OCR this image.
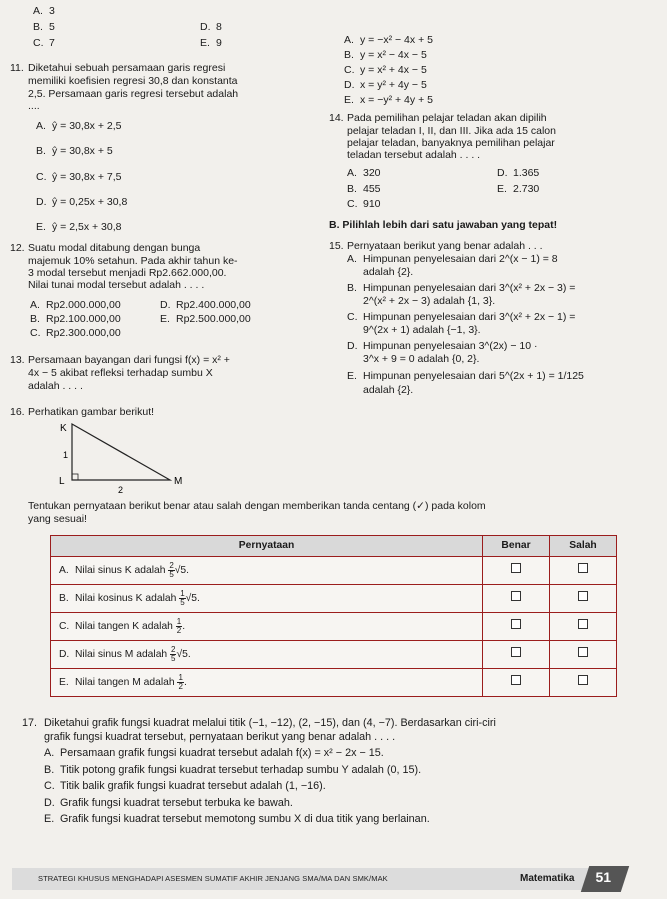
A. 3
B. 5
C. 7
D. 8
E. 9	A. y = −x² − 4x + 5
B. y = x² − 4x − 5
C. y = x² + 4x − 5
D. x = y² + 4y − 5
E. x = −y² + 4y + 5
11. Diketahui sebuah persamaan garis regresi
memiliki koefisien regresi 30,8 dan konstanta
2,5. Persamaan garis regresi tersebut adalah
....
A. ŷ = 30,8x + 2,5
B. ŷ = 30,8x + 5
C. ŷ = 30,8x + 7,5
D. ŷ = 0,25x + 30,8
E. ŷ = 2,5x + 30,8
12. Suatu modal ditabung dengan bunga
majemuk 10% setahun. Pada akhir tahun ke-
3 modal tersebut menjadi Rp2.662.000,00.
Nilai tunai modal tersebut adalah . . . .
A. Rp2.000.000,00
B. Rp2.100.000,00
C. Rp2.300.000,00
D. Rp2.400.000,00
E. Rp2.500.000,00
13. Persamaan bayangan dari fungsi f(x) = x² +
4x − 5 akibat refleksi terhadap sumbu X
adalah . . . .
14. Pada pemilihan pelajar teladan akan dipilih
pelajar teladan I, II, dan III. Jika ada 15 calon
pelajar teladan, banyaknya pemilihan pelajar
teladan tersebut adalah . . . .
A. 320
B. 455
C. 910
D. 1.365
E. 2.730
B. Pilihlah lebih dari satu jawaban yang tepat!
15. Pernyataan berikut yang benar adalah . . .
A. Himpunan penyelesaian dari 2^(x − 1) = 8
adalah {2}.
B. Himpunan penyelesaian dari 3^(x² + 2x − 3) =
2^(x² + 2x − 3) adalah {1, 3}.
C. Himpunan penyelesaian dari 3^(x² + 2x − 1) =
9^(2x + 1) adalah {−1, 3}.
D. Himpunan penyelesaian 3^(2x) − 10 ·
3^x + 9 = 0 adalah {0, 2}.
E. Himpunan penyelesaian dari 5^(2x + 1) = 1/125
adalah {2}.
16. Perhatikan gambar berikut!
K
L	M
1
2
Tentukan pernyataan berikut benar atau salah dengan memberikan tanda centang (✓) pada kolom
yang sesuai!
Pernyataan	Benar	Salah
A. Nilai sinus K adalah $\frac{2}{5} √5$.		
B. Nilai kosinus K adalah $\frac{1}{5} √5$.		
C. Nilai tangen K adalah $\frac{1}{2}$ .		
D. Nilai sinus M adalah $\frac{2}{5} √5$.		
E. Nilai tangen M adalah $\frac{1}{2}$ .		
17. Diketahui grafik fungsi kuadrat melalui titik (−1, −12), (2, −15), dan (4, −7). Berdasarkan ciri-ciri
grafik fungsi kuadrat tersebut, pernyataan berikut yang benar adalah . . . .
A. Persamaan grafik fungsi kuadrat tersebut adalah f(x) = x² − 2x − 15.
B. Titik potong grafik fungsi kuadrat tersebut terhadap sumbu Y adalah (0, 15).
C. Titik balik grafik fungsi kuadrat tersebut adalah (1, −16).
D. Grafik fungsi kuadrat tersebut terbuka ke bawah.
E. Grafik fungsi kuadrat tersebut memotong sumbu X di dua titik yang berlainan.
STRATEGI KHUSUS MENGHADAPI ASESMEN SUMATIF AKHIR JENJANG SMA/MA DAN SMK/MAK	Matematika 51
